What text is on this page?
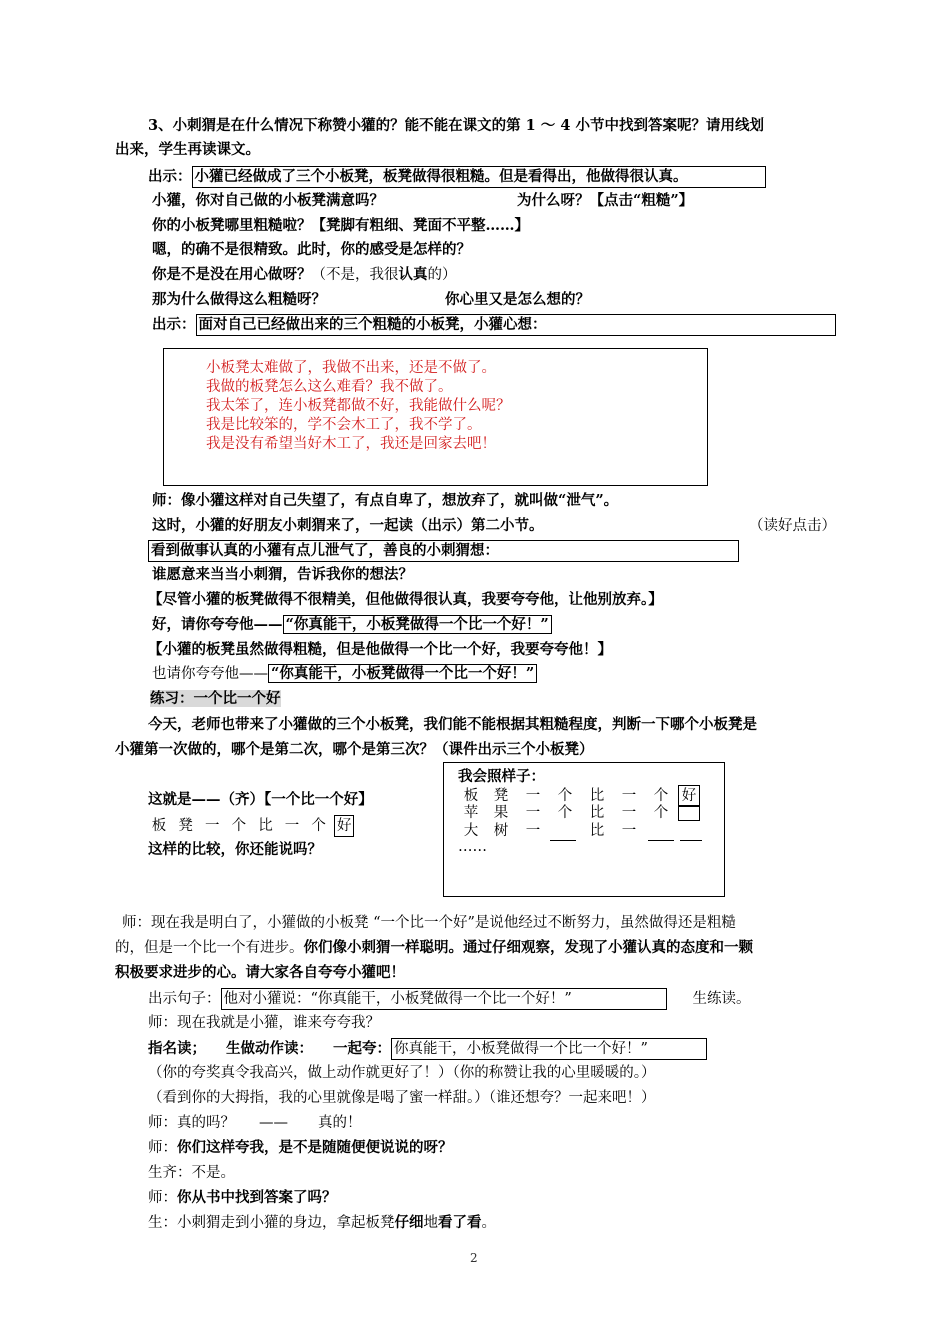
3、小刺猬是在什么情况下称赞小獾的？能不能在课文的第 1 ～ 4 小节中找到答案呢？请用线划
出来，学生再读课文。
出示： 小獾已经做成了三个小板凳，板凳做得很粗糙。但是看得出，他做得很认真。
小獾，你对自己做的小板凳满意吗？	为什么呀？【点击“粗糙”】
你的小板凳哪里粗糙啦？【凳脚有粗细、凳面不平整……】
嗯，的确不是很精致。此时，你的感受是怎样的？
你是不是没在用心做呀？（不是，我很认真的）
那为什么做得这么粗糙呀？	你心里又是怎么想的？
出示： 面对自己已经做出来的三个粗糙的小板凳，小獾心想：
小板凳太难做了，我做不出来，还是不做了。
我做的板凳怎么这么难看？我不做了。
我太笨了，连小板凳都做不好，我能做什么呢？
我是比较笨的，学不会木工了，我不学了。
我是没有希望当好木工了，我还是回家去吧！
师：像小獾这样对自己失望了，有点自卑了，想放弃了，就叫做“泄气”。
这时，小獾的好朋友小刺猬来了，一起读（出示）第二小节。	（读好点击）
看到做事认真的小獾有点儿泄气了，善良的小刺猬想：
谁愿意来当当小刺猬，告诉我你的想法？
【尽管小獾的板凳做得不很精美，但他做得很认真，我要夸夸他，让他别放弃。】
好，请你夸夸他—— “你真能干，小板凳做得一个比一个好！”
【小獾的板凳虽然做得粗糙，但是他做得一个比一个好，我要夸夸他！】
也请你夸夸他—— “你真能干，小板凳做得一个比一个好！”
练习：一个比一个好
今天，老师也带来了小獾做的三个小板凳，我们能不能根据其粗糙程度，判断一下哪个小板凳是
小獾第一次做的，哪个是第二次，哪个是第三次？（课件出示三个小板凳）
这就是——（齐）【一个比一个好】
板 凳 一 个 比 一 个 好
这样的比较，你还能说吗？
我会照样子：
板 凳 一 个 比 一 个 好
苹 果 一 个 比 一 个
大 树 一	比 一
……
师：现在我是明白了，小獾做的小板凳 “一个比一个好”是说他经过不断努力，虽然做得还是粗糙
的，但是一个比一个有进步。你们像小刺猬一样聪明。通过仔细观察，发现了小獾认真的态度和一颗
积极要求进步的心。请大家各自夸夸小獾吧！
出示句子： 他对小獾说：“你真能干，小板凳做得一个比一个好！”	生练读。
师：现在我就是小獾，谁来夸夸我？
指名读； 生做动作读： 一起夸： 你真能干，小板凳做得一个比一个好！”
（你的夸奖真令我高兴，做上动作就更好了！）（你的称赞让我的心里暖暖的。）
（看到你的大拇指，我的心里就像是喝了蜜一样甜。）（谁还想夸？一起来吧！）
师：真的吗？ —— 真的！
师：你们这样夸我，是不是随随便便说说的呀？
生齐：不是。
师：你从书中找到答案了吗？
生：小刺猬走到小獾的身边，拿起板凳仔细地看了看。
2
